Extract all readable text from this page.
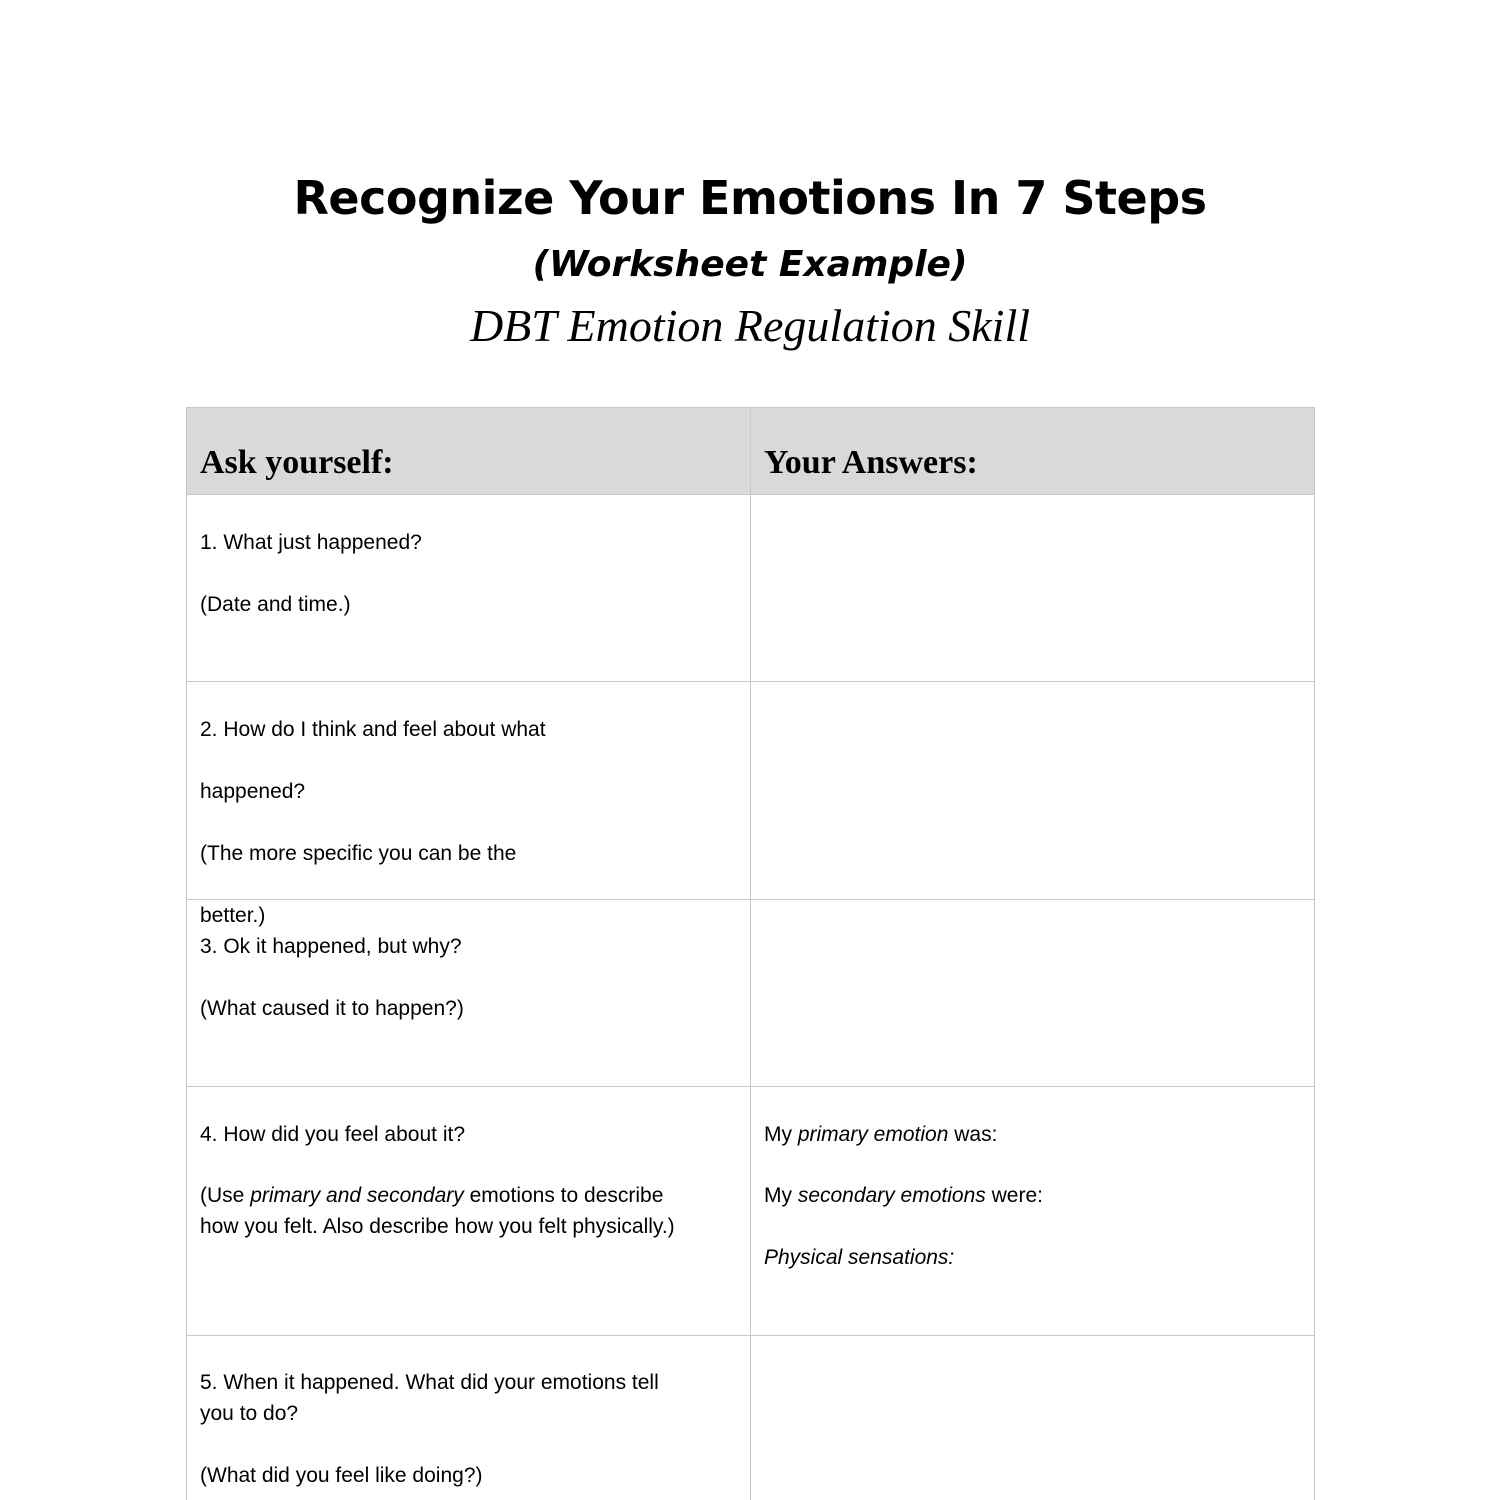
Recognize Your Emotions In 7 Steps
(Worksheet Example)
DBT Emotion Regulation Skill
Ask yourself:	Your Answers:
1. What just happened?
(Date and time.)
2. How do I think and feel about what
happened?
(The more specific you can be the
better.)
3. Ok it happened, but why?
(What caused it to happen?)
4. How did you feel about it?
(Use primary and secondary emotions to describe
how you felt. Also describe how you felt physically.)
My primary emotion was:
My secondary emotions were:
Physical sensations:
5. When it happened. What did your emotions tell
you to do?
(What did you feel like doing?)
